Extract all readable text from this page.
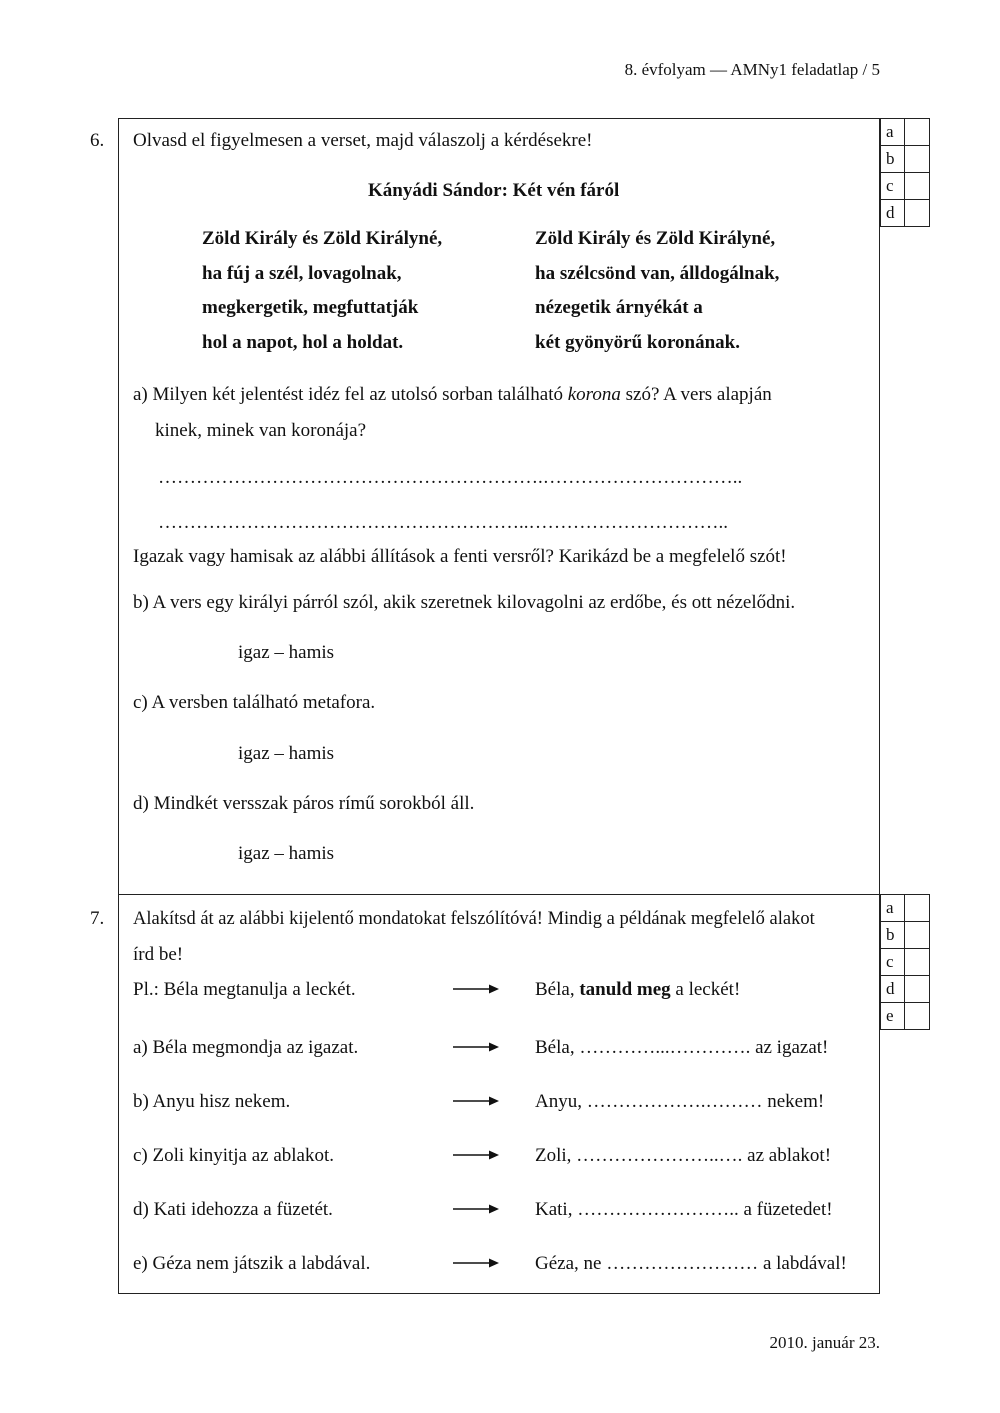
8. évfolyam — AMNy1 feladatlap / 5
6.	a	
b	
c	
d	
Olvasd el figyelmesen a verset, majd válaszolj a kérdésekre!
Kányádi Sándor: Két vén fáról
Zöld Király és Zöld Királyné,
ha fúj a szél, lovagolnak,
megkergetik, megfuttatják
hol a napot, hol a holdat.
Zöld Király és Zöld Királyné,
ha szélcsönd van, álldogálnak,
nézegetik árnyékát a
két gyönyörű koronának.
a) Milyen két jelentést idéz fel az utolsó sorban található korona szó? A vers alapján
kinek, minek van koronája?
…………………………………………………….…………………………..
…………………………………………………..…………………………..
Igazak vagy hamisak az alábbi állítások a fenti versről? Karikázd be a megfelelő szót!
b) A vers egy királyi párról szól, akik szeretnek kilovagolni az erdőbe, és ott nézelődni.
igaz – hamis
c) A versben található metafora.
igaz – hamis
d) Mindkét versszak páros rímű sorokból áll.
igaz – hamis
7.
a	
b	
c	
d	
e	
Alakítsd át az alábbi kijelentő mondatokat felszólítóvá! Mindig a példának megfelelő alakot
írd be!
Pl.: Béla megtanulja a leckét.	Béla, tanuld meg a leckét!
a) Béla megmondja az igazat.	Béla, …………...…………. az igazat!
b) Anyu hisz nekem.	Anyu, ……………….……… nekem!
c) Zoli kinyitja az ablakot.	Zoli, …………………..…. az ablakot!
d) Kati idehozza a füzetét.	Kati, …………………….. a füzetedet!
e) Géza nem játszik a labdával.	Géza, ne …………………… a labdával!
2010. január 23.
